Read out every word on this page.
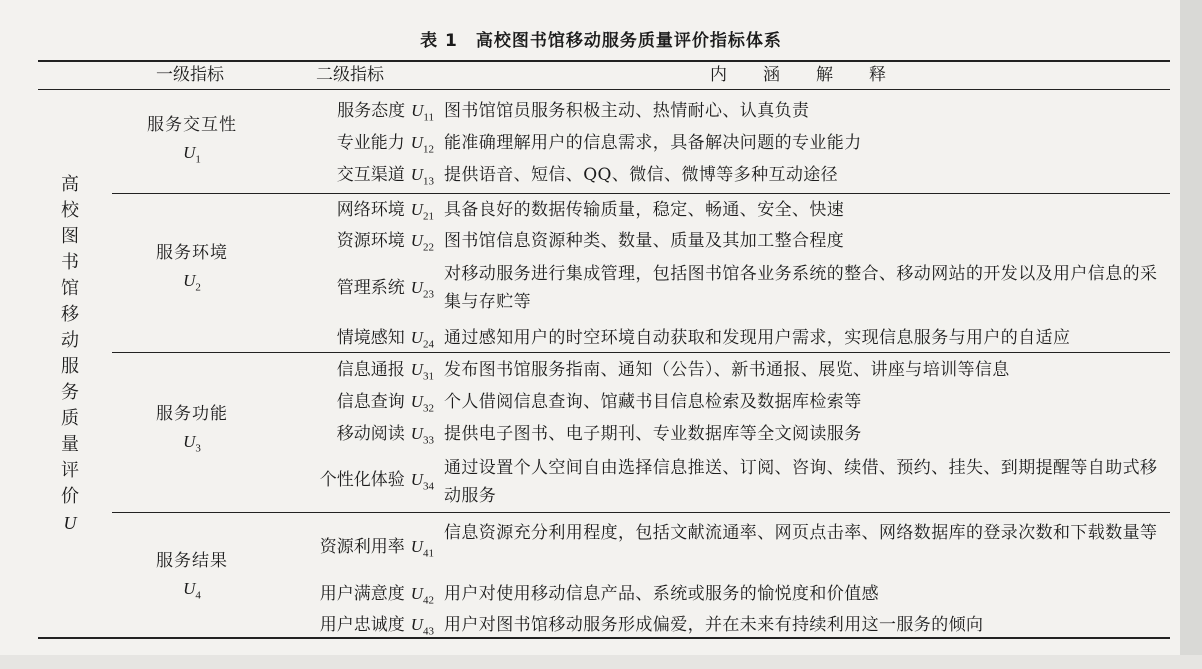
表 1 高校图书馆移动服务质量评价指标体系
一级指标	二级指标	内涵解释
高
校
图
书
馆
移
动
服
务
质
量
评
价
U
服务交互性
$U_1$
服务态度 $U_{11}$ 图书馆馆员服务积极主动、热情耐心、认真负责
专业能力 $U_{12}$ 能准确理解用户的信息需求，具备解决问题的专业能力
交互渠道 $U_{13}$ 提供语音、短信、QQ、微信、微博等多种互动途径
服务环境
$U_2$
网络环境 $U_{21}$ 具备良好的数据传输质量，稳定、畅通、安全、快速
资源环境 $U_{22}$ 图书馆信息资源种类、数量、质量及其加工整合程度
管理系统 $U_{23}$
对移动服务进行集成管理，包括图书馆各业务系统的整合、移动网站的开发以及用户信息的采集与存贮等
情境感知 $U_{24}$ 通过感知用户的时空环境自动获取和发现用户需求，实现信息服务与用户的自适应
服务功能
$U_3$
信息通报 $U_{31}$ 发布图书馆服务指南、通知（公告）、新书通报、展览、讲座与培训等信息
信息查询 $U_{32}$ 个人借阅信息查询、馆藏书目信息检索及数据库检索等
移动阅读 $U_{33}$ 提供电子图书、电子期刊、专业数据库等全文阅读服务
个性化体验 $U_{34}$
通过设置个人空间自由选择信息推送、订阅、咨询、续借、预约、挂失、到期提醒等自助式移动服务
服务结果
$U_4$
资源利用率 $U_{41}$
信息资源充分利用程度，包括文献流通率、网页点击率、网络数据库的登录次数和下载数量等
用户满意度 $U_{42}$ 用户对使用移动信息产品、系统或服务的愉悦度和价值感
用户忠诚度 $U_{43}$ 用户对图书馆移动服务形成偏爱，并在未来有持续利用这一服务的倾向
